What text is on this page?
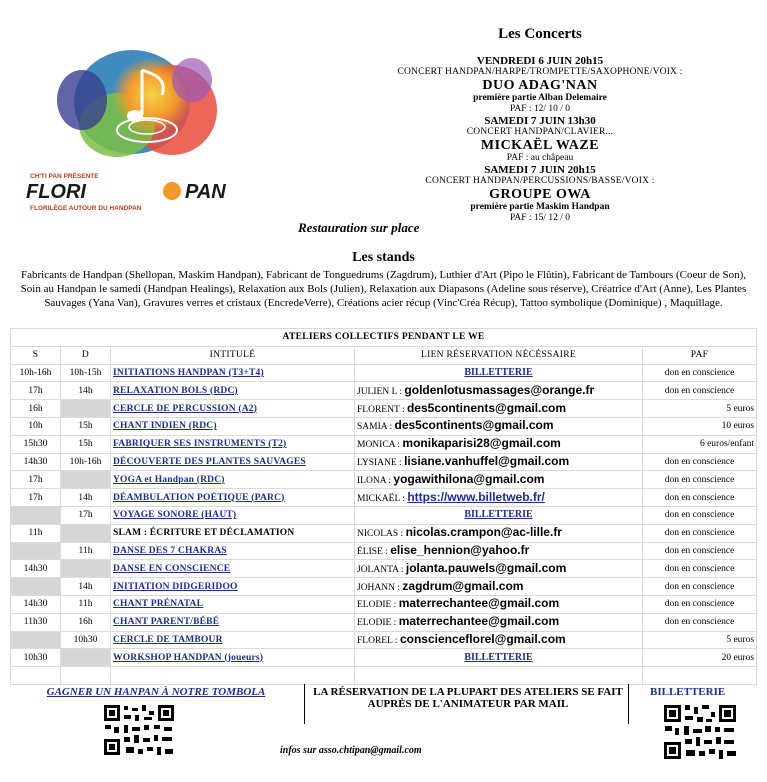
CH'TI PAN PRÉSENTE
FLORI	PAN
FLORILÈGE AUTOUR DU HANDPAN
Les Concerts
VENDREDI 6 JUIN 20h15
CONCERT HANDPAN/HARPE/TROMPETTE/SAXOPHONE/VOIX :
DUO ADAG'NAN
première partie Alban Delemaire
PAF : 12/ 10 / 0
SAMEDI 7 JUIN 13h30
CONCERT HANDPAN/CLAVIER...
MICKAËL WAZE
PAF : au châpeau
SAMEDI 7 JUIN 20h15
CONCERT HANDPAN/PERCUSSIONS/BASSE/VOIX :
GROUPE OWA
première partie Maskim Handpan
PAF : 15/ 12 / 0
Restauration sur place
Les stands
Fabricants de Handpan (Shellopan, Maskim Handpan), Fabricant de Tonguedrums (Zagdrum), Luthier d'Art (Pipo le Flûtin), Fabricant de Tambours (Coeur de Son), Soin au Handpan le samedi (Handpan Healings), Relaxation aux Bols (Julien), Relaxation aux Diapasons (Adeline sous réserve), Créatrice d'Art (Anne), Les Plantes Sauvages (Yana Van), Gravures verres et cristaux (EncredeVerre), Créations acier récup (Vinc'Créa Récup), Tattoo symbolique (Dominique) , Maquillage.
ATELIERS COLLECTIFS PENDANT LE WE				
S	D	INTITULÉ	LIEN RÉSERVATION NÉCÉSSAIRE	PAF
10h-16h	10h-15h	INITIATIONS HANDPAN (T3+T4)	BILLETTERIE	don en conscience
17h	14h	RELAXATION BOLS (RDC)	JULIEN L : goldenlotusmassages@orange.fr	don en conscience
16h		CERCLE DE PERCUSSION (A2)	FLORENT : des5continents@gmail.com	5 euros
10h	15h	CHANT INDIEN (RDC)	SAMIA : des5continents@gmail.com	10 euros
15h30	15h	FABRIQUER SES INSTRUMENTS (T2)	MONICA : monikaparisi28@gmail.com	6 euros/enfant
14h30	10h-16h	DÉCOUVERTE DES PLANTES SAUVAGES	LYSIANE : lisiane.vanhuffel@gmail.com	don en conscience
17h		YOGA et Handpan (RDC)	ILONA : yogawithilona@gmail.com	don en conscience
17h	14h	DÉAMBULATION POÉTIQUE (PARC)	MICKAËL : https://www.billetweb.fr/	don en conscience
	17h	VOYAGE SONORE (HAUT)	BILLETTERIE	don en conscience
11h		SLAM : ÉCRITURE ET DÉCLAMATION	NICOLAS : nicolas.crampon@ac-lille.fr	don en conscience
	11h	DANSE DES 7 CHAKRAS	ÉLISE : elise_hennion@yahoo.fr	don en conscience
14h30		DANSE EN CONSCIENCE	JOLANTA : jolanta.pauwels@gmail.com	don en conscience
	14h	INITIATION DIDGERIDOO	JOHANN : zagdrum@gmail.com	don en conscience
14h30	11h	CHANT PRÉNATAL	ELODIE : materrechantee@gmail.com	don en conscience
11h30	16h	CHANT PARENT/BÉBÉ	ELODIE : materrechantee@gmail.com	don en conscience
	10h30	CERCLE DE TAMBOUR	FLOREL : conscienceflorel@gmail.com	5 euros
10h30		WORKSHOP HANDPAN (joueurs)	BILLETTERIE	20 euros

GAGNER UN HANPAN À NOTRE TOMBOLA	LA RÉSERVATION DE LA PLUPART DES ATELIERS SE FAIT AUPRÈS DE L'ANIMATEUR PAR MAIL
BILLETTERIE
infos sur asso.chtipan@gmail.com
